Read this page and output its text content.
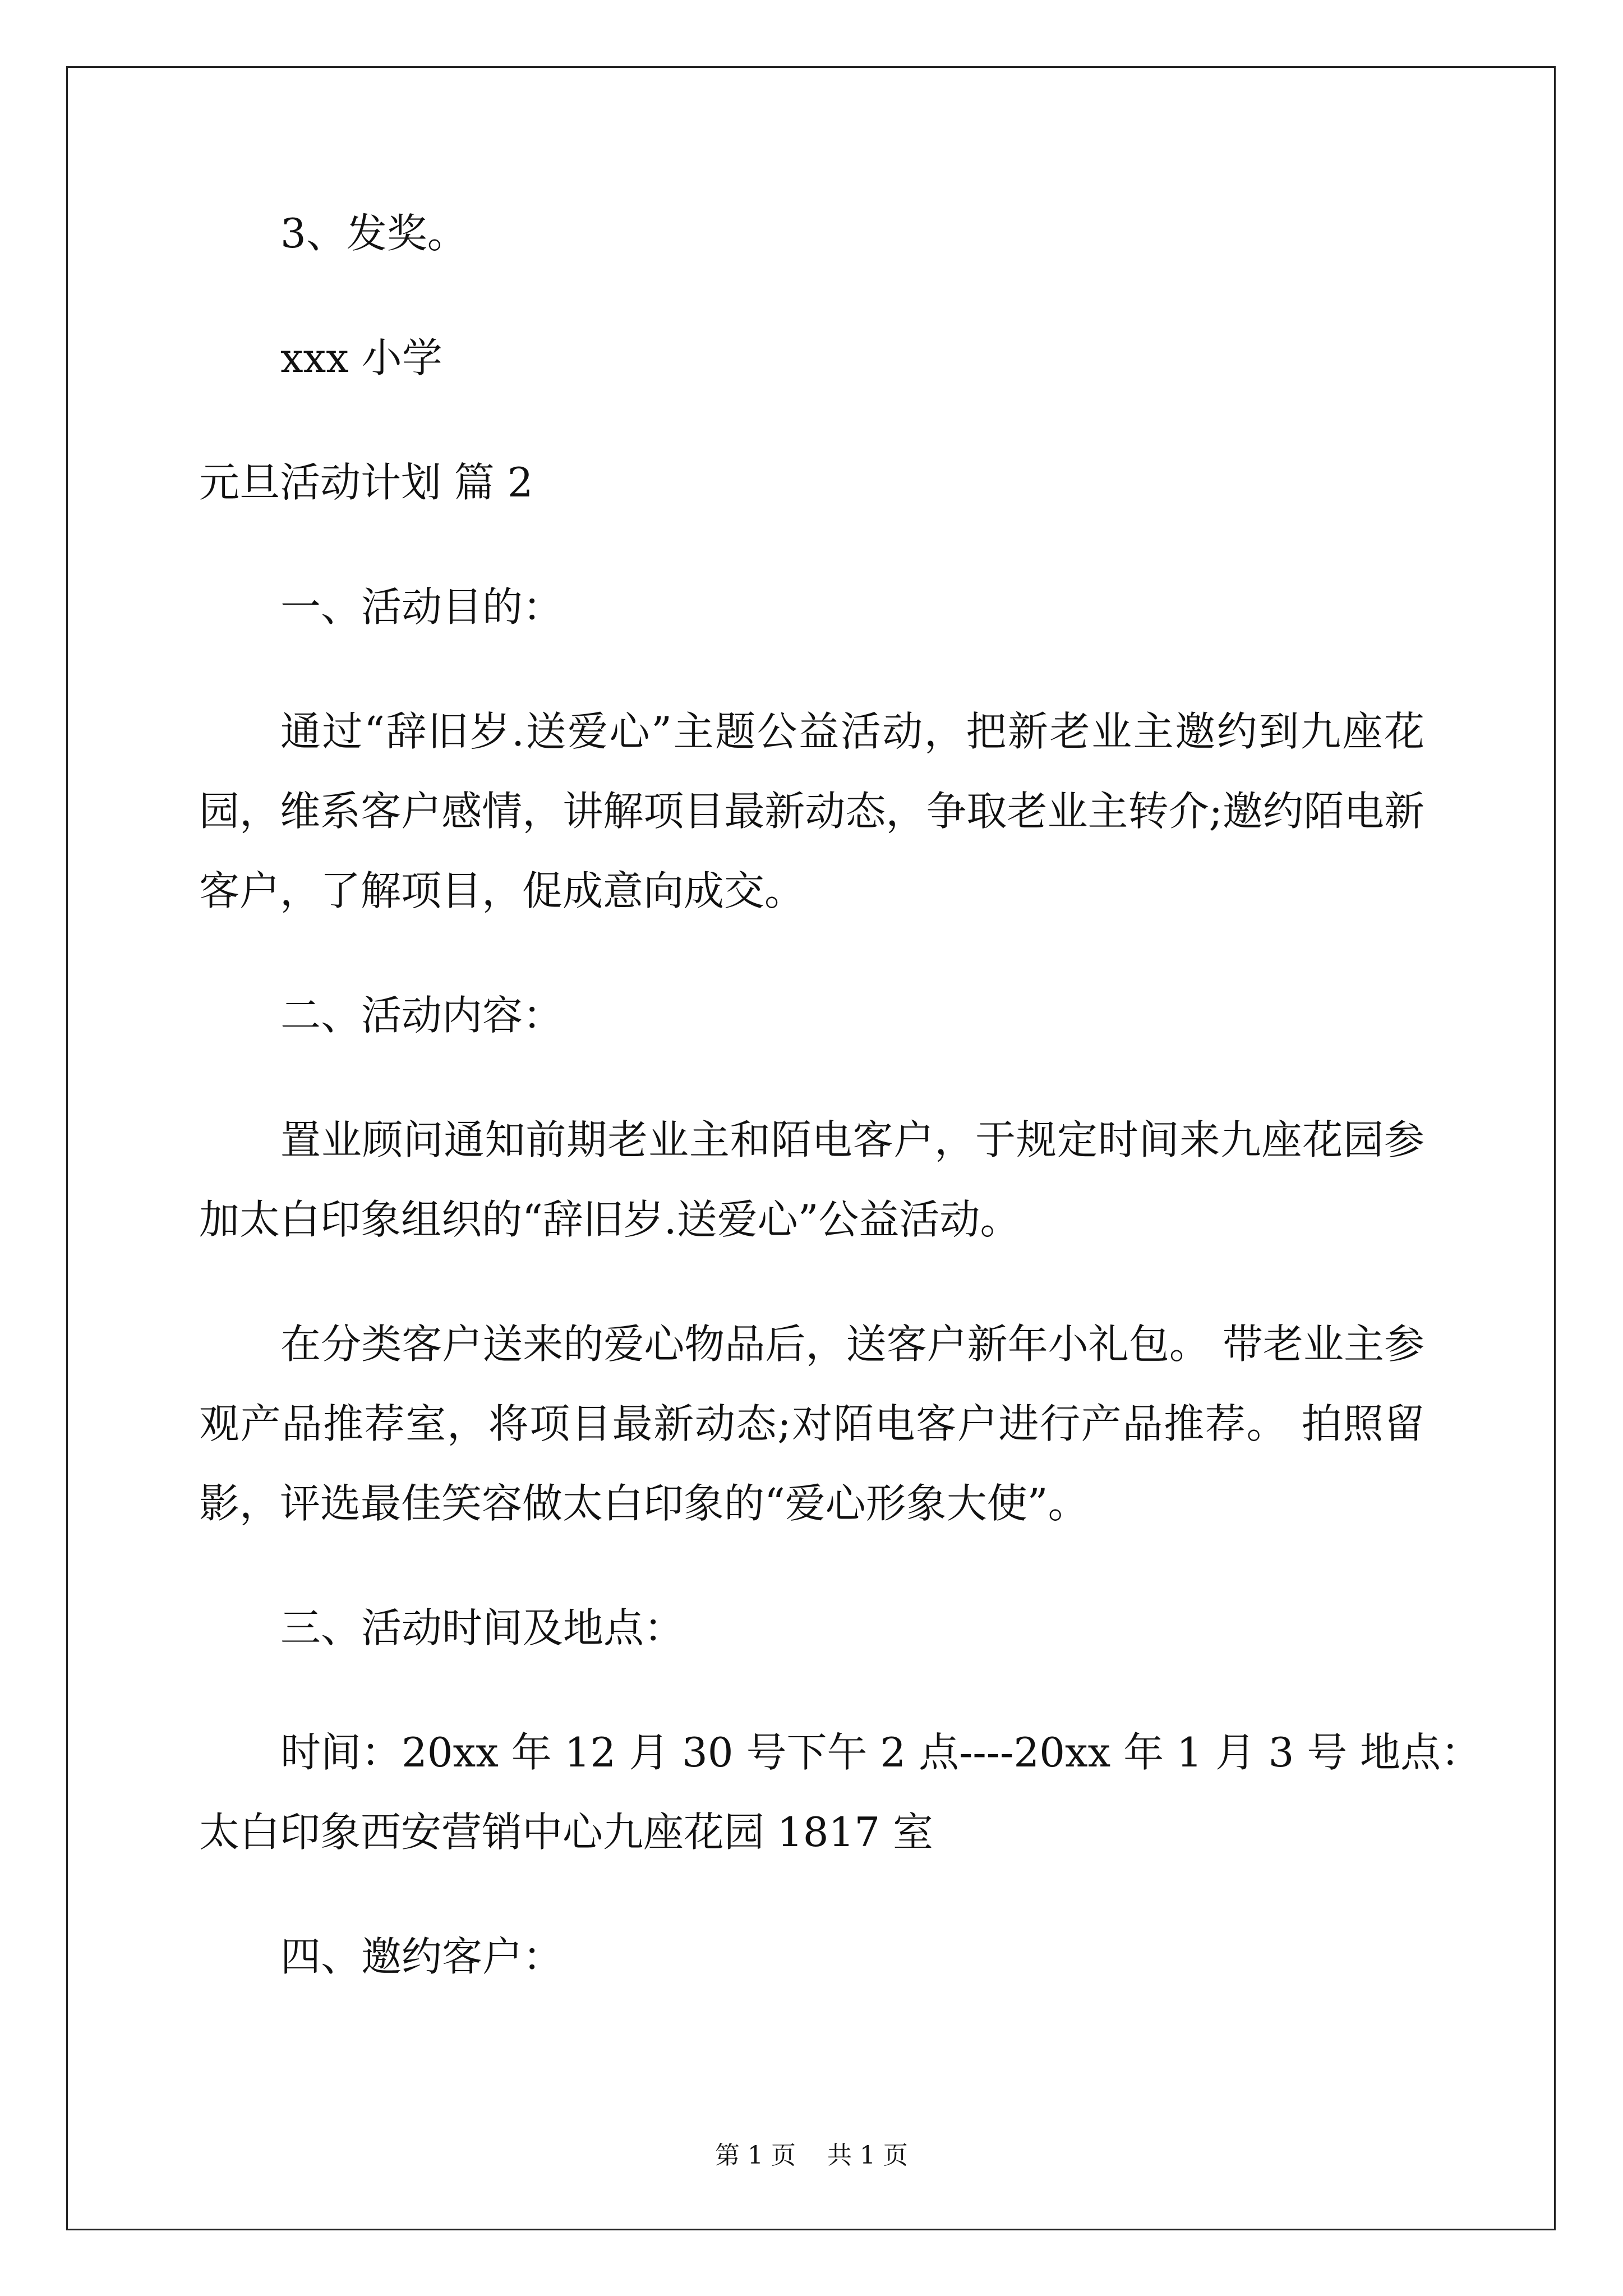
3、发奖。
xxx 小学
元旦活动计划 篇 2
一、活动目的：
通过“辞旧岁.送爱心”主题公益活动，把新老业主邀约到九座花
园，维系客户感情，讲解项目最新动态，争取老业主转介;邀约陌电新
客户，了解项目，促成意向成交。
二、活动内容：
置业顾问通知前期老业主和陌电客户，于规定时间来九座花园参
加太白印象组织的“辞旧岁.送爱心”公益活动。
在分类客户送来的爱心物品后，送客户新年小礼包。 带老业主参
观产品推荐室，将项目最新动态;对陌电客户进行产品推荐。 拍照留
影，评选最佳笑容做太白印象的“爱心形象大使”。
三、活动时间及地点：
时间：20xx 年 12 月 30 号下午 2 点----20xx 年 1 月 3 号 地点：
太白印象西安营销中心九座花园 1817 室
四、邀约客户：
第 1 页    共 1 页
